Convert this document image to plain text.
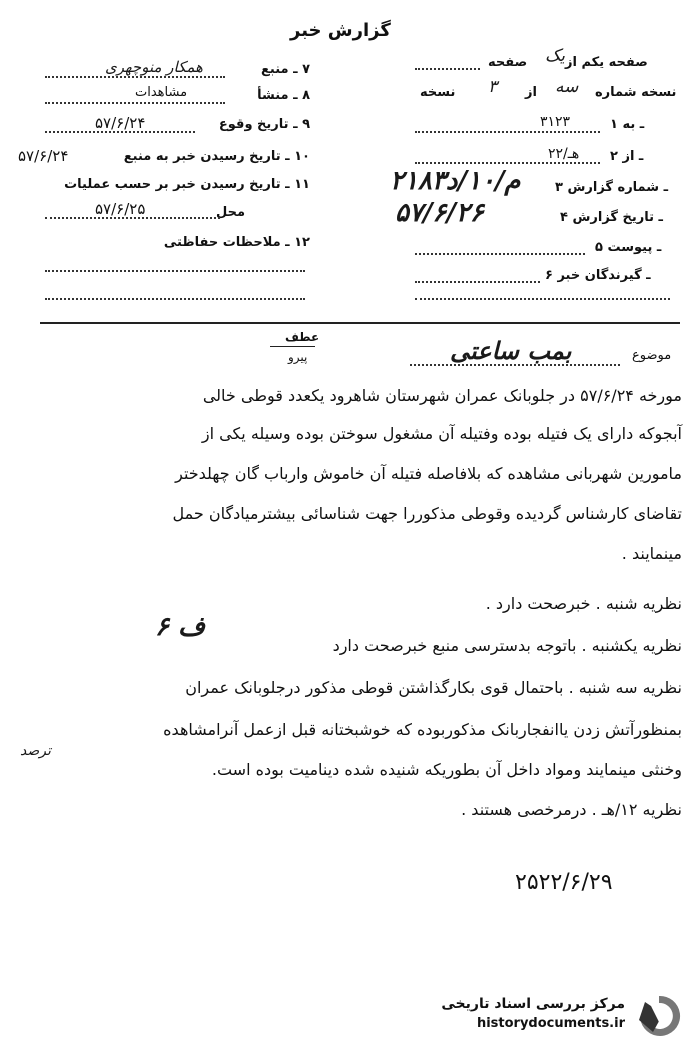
گزارش خبر
۷ ـ منبع
همکار منوچهری
۸ ـ منشأ
مشاهدات
۹ ـ تاریخ وقوع
۵۷/۶/۲۴
۱۰ ـ تاریخ رسیدن خبر به منبع
۵۷/۶/۲۴
۱۱ ـ تاریخ رسیدن خبر بر حسب عملیات
محل
۵۷/۶/۲۵
۱۲ ـ ملاحظات حفاظتی
صفحه یکم از
یک
صفحه
نسخه شماره
سه
از
۳
نسخه
۱ ـ به
۳۱۲۳
۲ ـ از
۲۲/هـ
۳ ـ شماره گزارش
۲۱۸۳م/۱۰/د
۴ ـ تاریخ گزارش
۵۷/۶/۲۶
۵ ـ پیوست
۶ ـ گیرندگان خبر
عطف
پیرو	موضوع
بمب ساعتی
مورخه ۵۷/۶/۲۴ در جلوبانک عمران شهرستان شاهرود یکعدد قوطی خالی
آبجوکه دارای یک فتیله بوده وفتیله آن مشغول سوختن بوده وسیله یکی از
مامورین شهربانی مشاهده که بلافاصله فتیله آن خاموش وارباب گان چهلدختر
تقاضای کارشناس گردیده وقوطی مذکوررا جهت شناسائی بیشترمیادگان حمل
مینمایند .
نظریه شنبه . خبرصحت دارد .
نظریه یکشنبه . باتوجه بدسترسی منبع خبرصحت دارد
نظریه سه شنبه . باحتمال قوی بکارگذاشتن قوطی مذکور درجلوبانک عمران
بمنظورآتش زدن یاانفجاربانک مذکوربوده که خوشبختانه قبل ازعمل آنرامشاهده
وخنثی مینمایند ومواد داخل آن بطوریکه شنیده شده دینامیت بوده است.
نظریه ۱۲/هـ . درمرخصی هستند .
۶ ف
ترصد
۲۵۲۲/۶/۲۹
مرکز بررسی اسناد تاریخی
historydocuments.ir
